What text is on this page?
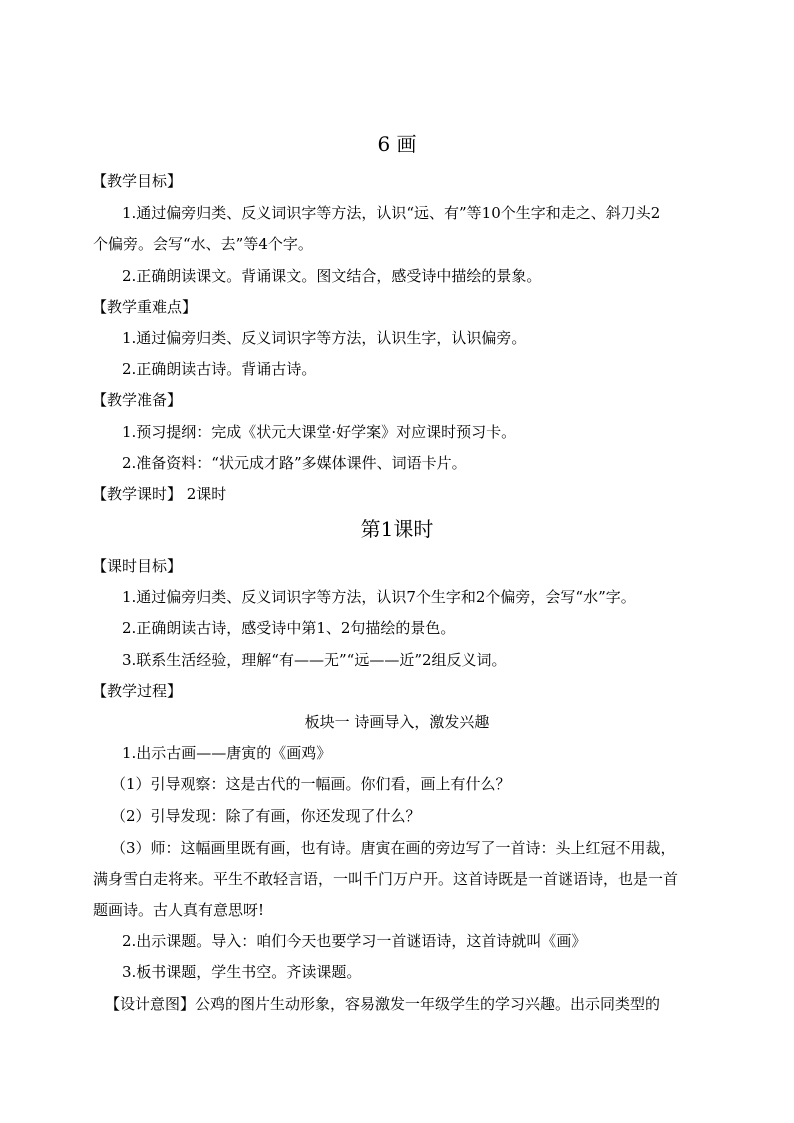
6 画

【教学目标】

1.通过偏旁归类、反义词识字等方法，认识“远、有”等10个生字和走之、斜刀头2

个偏旁。会写“水、去”等4个字。

2.正确朗读课文。背诵课文。图文结合，感受诗中描绘的景象。

【教学重难点】

1.通过偏旁归类、反义词识字等方法，认识生字，认识偏旁。

2.正确朗读古诗。背诵古诗。

【教学准备】

1.预习提纲：完成《状元大课堂·好学案》对应课时预习卡。

2.准备资料：“状元成才路”多媒体课件、词语卡片。

【教学课时】 2课时

第1课时

【课时目标】

1.通过偏旁归类、反义词识字等方法，认识7个生字和2个偏旁，会写“水”字。

2.正确朗读古诗，感受诗中第1、2句描绘的景色。

3.联系生活经验，理解“有——无”“远——近”2组反义词。

【教学过程】

板块一 诗画导入，激发兴趣

1.出示古画——唐寅的《画鸡》

（1）引导观察：这是古代的一幅画。你们看，画上有什么？

（2）引导发现：除了有画，你还发现了什么？

（3）师：这幅画里既有画，也有诗。唐寅在画的旁边写了一首诗：头上红冠不用裁，

满身雪白走将来。平生不敢轻言语，一叫千门万户开。这首诗既是一首谜语诗，也是一首

题画诗。古人真有意思呀!

2.出示课题。导入：咱们今天也要学习一首谜语诗，这首诗就叫《画》

3.板书课题，学生书空。齐读课题。

【设计意图】公鸡的图片生动形象，容易激发一年级学生的学习兴趣。出示同类型的
